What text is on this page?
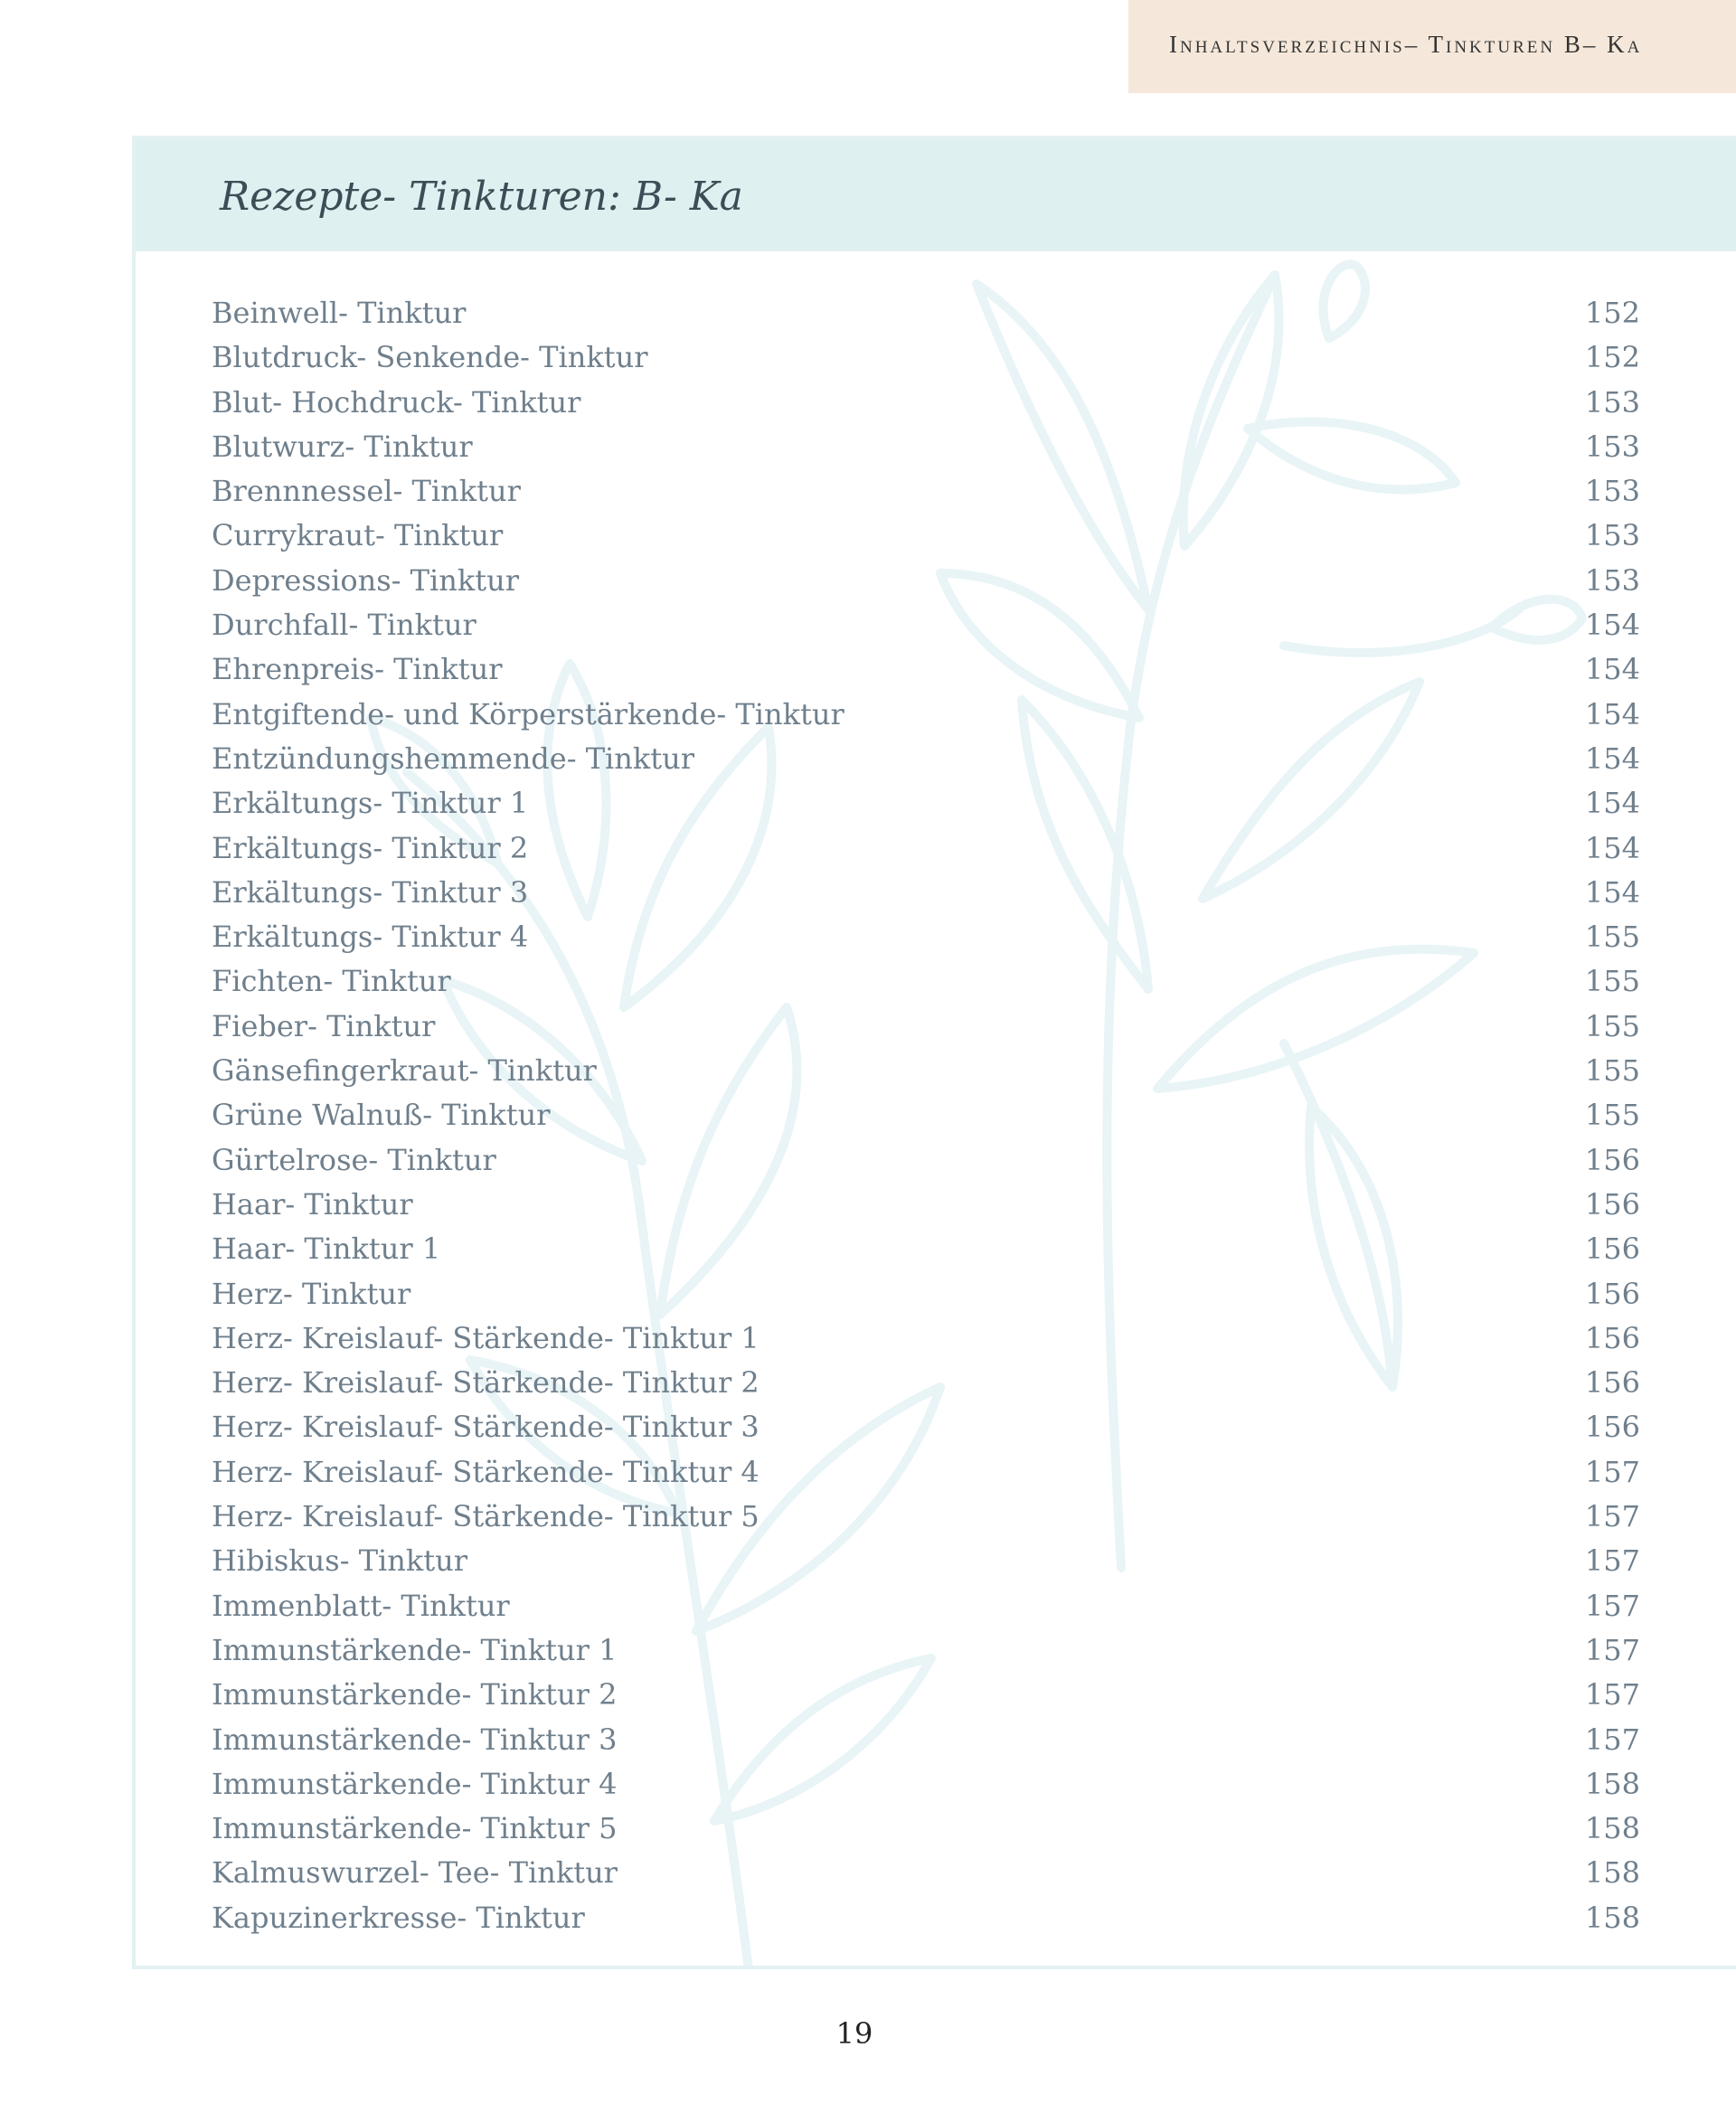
Inhaltsverzeichnis– Tinkturen B– Ka
Rezepte- Tinkturen: B- Ka
Beinwell- Tinktur	152
Blutdruck- Senkende- Tinktur	152
Blut- Hochdruck- Tinktur	153
Blutwurz- Tinktur	153
Brennnessel- Tinktur	153
Currykraut- Tinktur	153
Depressions- Tinktur	153
Durchfall- Tinktur	154
Ehrenpreis- Tinktur	154
Entgiftende- und Körperstärkende- Tinktur	154
Entzündungshemmende- Tinktur	154
Erkältungs- Tinktur 1	154
Erkältungs- Tinktur 2	154
Erkältungs- Tinktur 3	154
Erkältungs- Tinktur 4	155
Fichten- Tinktur	155
Fieber- Tinktur	155
Gänsefingerkraut- Tinktur	155
Grüne Walnuß- Tinktur	155
Gürtelrose- Tinktur	156
Haar- Tinktur	156
Haar- Tinktur 1	156
Herz- Tinktur	156
Herz- Kreislauf- Stärkende- Tinktur 1	156
Herz- Kreislauf- Stärkende- Tinktur 2	156
Herz- Kreislauf- Stärkende- Tinktur 3	156
Herz- Kreislauf- Stärkende- Tinktur 4	157
Herz- Kreislauf- Stärkende- Tinktur 5	157
Hibiskus- Tinktur	157
Immenblatt- Tinktur	157
Immunstärkende- Tinktur 1	157
Immunstärkende- Tinktur 2	157
Immunstärkende- Tinktur 3	157
Immunstärkende- Tinktur 4	158
Immunstärkende- Tinktur 5	158
Kalmuswurzel- Tee- Tinktur	158
Kapuzinerkresse- Tinktur	158
19
